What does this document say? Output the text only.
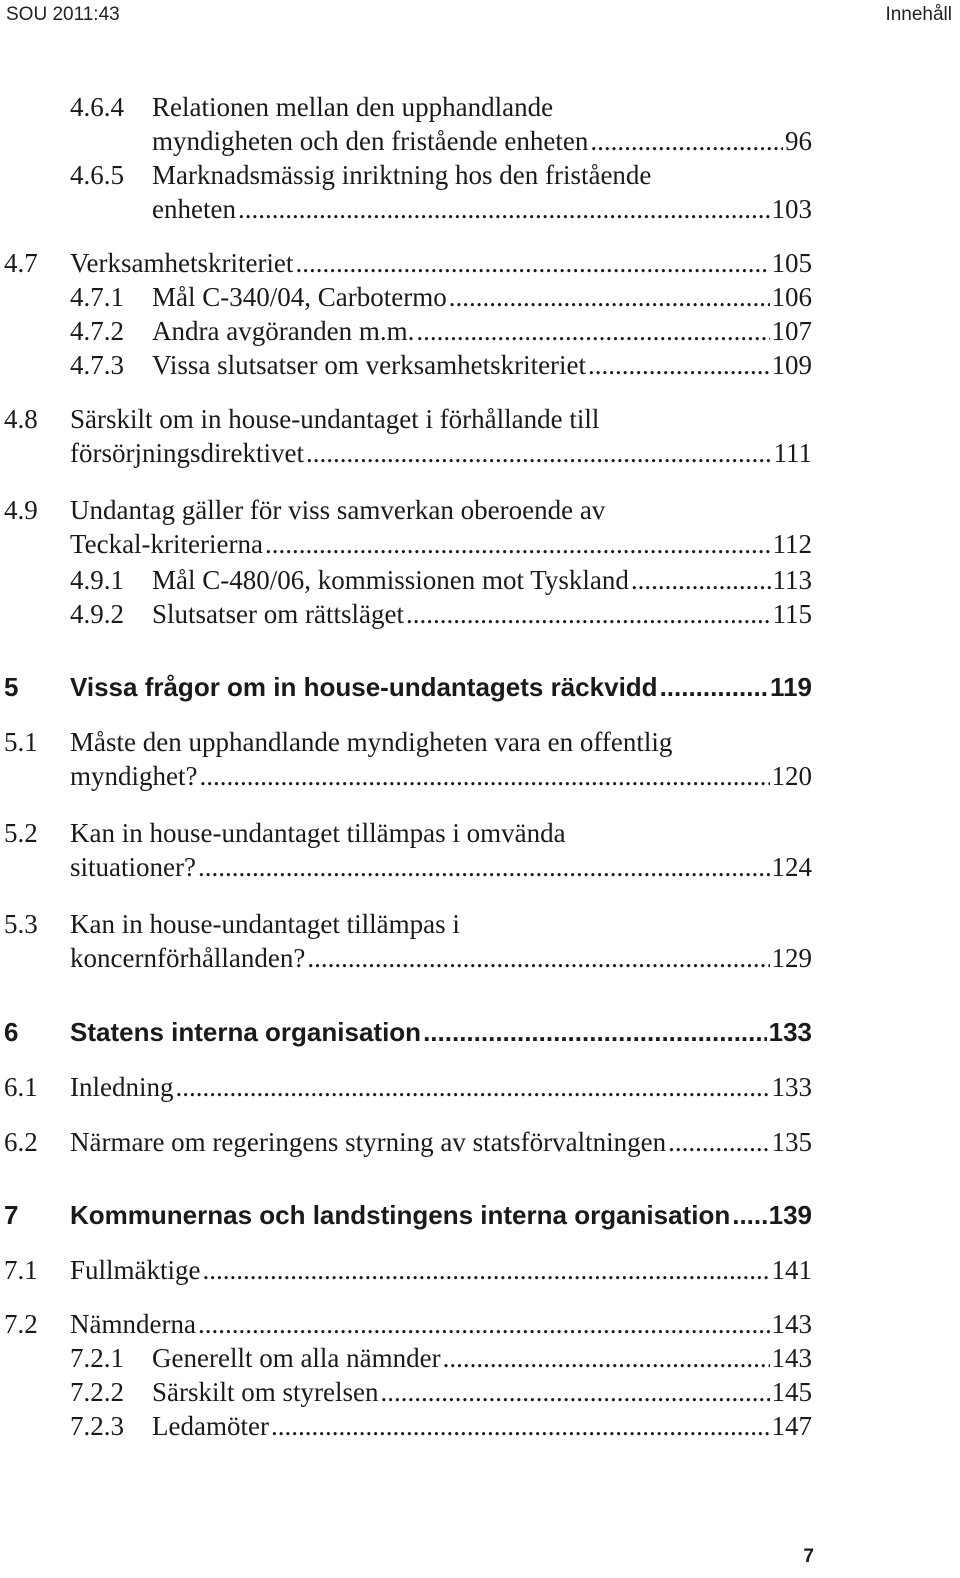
SOU 2011:43	Innehåll
4.6.4 Relationen mellan den upphandlande
myndigheten och den fristående enheten .....	96
4.6.5 Marknadsmässig inriktning hos den fristående
enheten .....	103
4.7 Verksamhetskriteriet .....	105
4.7.1 Mål C-340/04, Carbotermo .....	106
4.7.2 Andra avgöranden m.m. .....	107
4.7.3 Vissa slutsatser om verksamhetskriteriet .....	109
4.8 Särskilt om in house-undantaget i förhållande till
försörjningsdirektivet .....	111
4.9 Undantag gäller för viss samverkan oberoende av
Teckal-kriterierna .....	112
4.9.1 Mål C-480/06, kommissionen mot Tyskland .....	113
4.9.2 Slutsatser om rättsläget .....	115
5 Vissa frågor om in house-undantagets räckvidd .....	119
5.1 Måste den upphandlande myndigheten vara en offentlig
myndighet? .....	120
5.2 Kan in house-undantaget tillämpas i omvända
situationer? .....	124
5.3 Kan in house-undantaget tillämpas i
koncernförhållanden? .....	129
6 Statens interna organisation .....	133
6.1 Inledning .....	133
6.2 Närmare om regeringens styrning av statsförvaltningen .....	135
7 Kommunernas och landstingens interna organisation ..... 139
7.1 Fullmäktige .....	141
7.2 Nämnderna .....	143
7.2.1 Generellt om alla nämnder .....	143
7.2.2 Särskilt om styrelsen .....	145
7.2.3 Ledamöter .....	147
7
